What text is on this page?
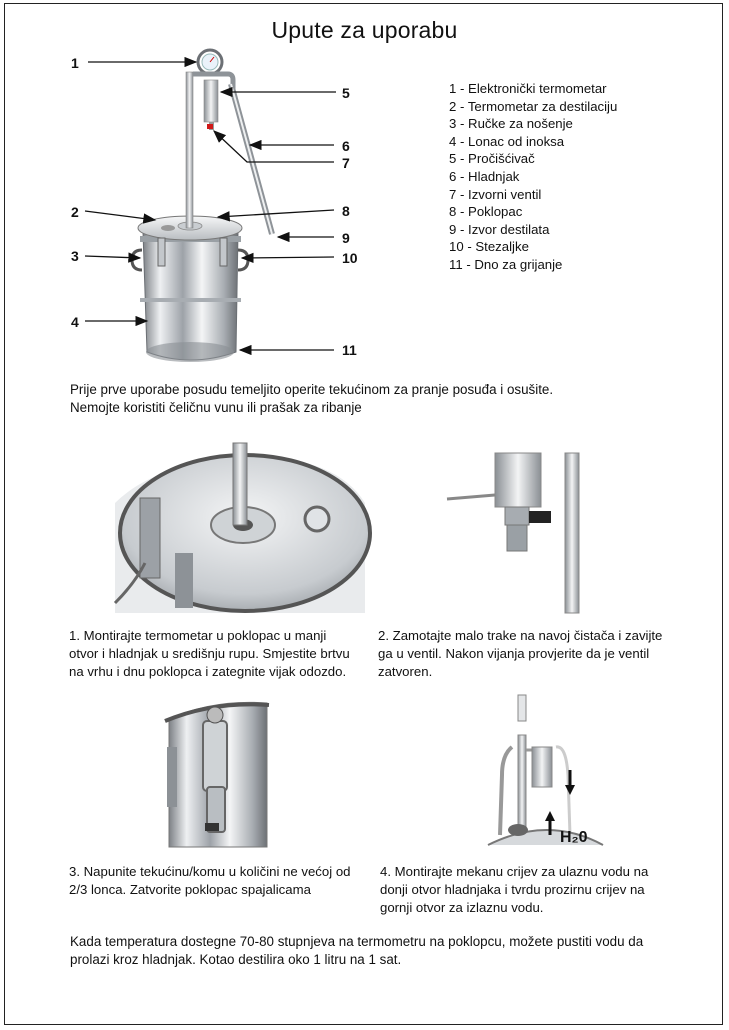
Upute za uporabu
1
2
3
4
5
6
7
8
9
10
11
1 - Elektronički termometar
2 - Termometar za destilaciju
3 - Ručke za nošenje
4 - Lonac od inoksa
5 - Pročišćivač
6 - Hladnjak
7 - Izvorni ventil
8 - Poklopac
9 - Izvor destilata
10 - Stezaljke
11 - Dno za grijanje
Prije prve uporabe posudu temeljito operite tekućinom za pranje posuđa i osušite.
Nemojte koristiti čeličnu vunu ili prašak za ribanje
1. Montirajte termometar u poklopac u manji
otvor i hladnjak u središnju rupu. Smjestite brtvu
na vrhu i dnu poklopca i zategnite vijak odozdo.
2. Zamotajte malo trake na navoj čistača i zavijte
ga u ventil. Nakon vijanja provjerite da je ventil
zatvoren.
H₂0
3. Napunite tekućinu/komu u količini ne većoj od
2/3 lonca. Zatvorite poklopac spajalicama
4. Montirajte mekanu crijev za ulaznu vodu na
donji otvor hladnjaka i tvrdu prozirnu crijev na
gornji otvor za izlaznu vodu.
Kada temperatura dostegne 70-80 stupnjeva na termometru na poklopcu, možete pustiti vodu da
prolazi kroz hladnjak. Kotao destilira oko 1 litru na 1 sat.
